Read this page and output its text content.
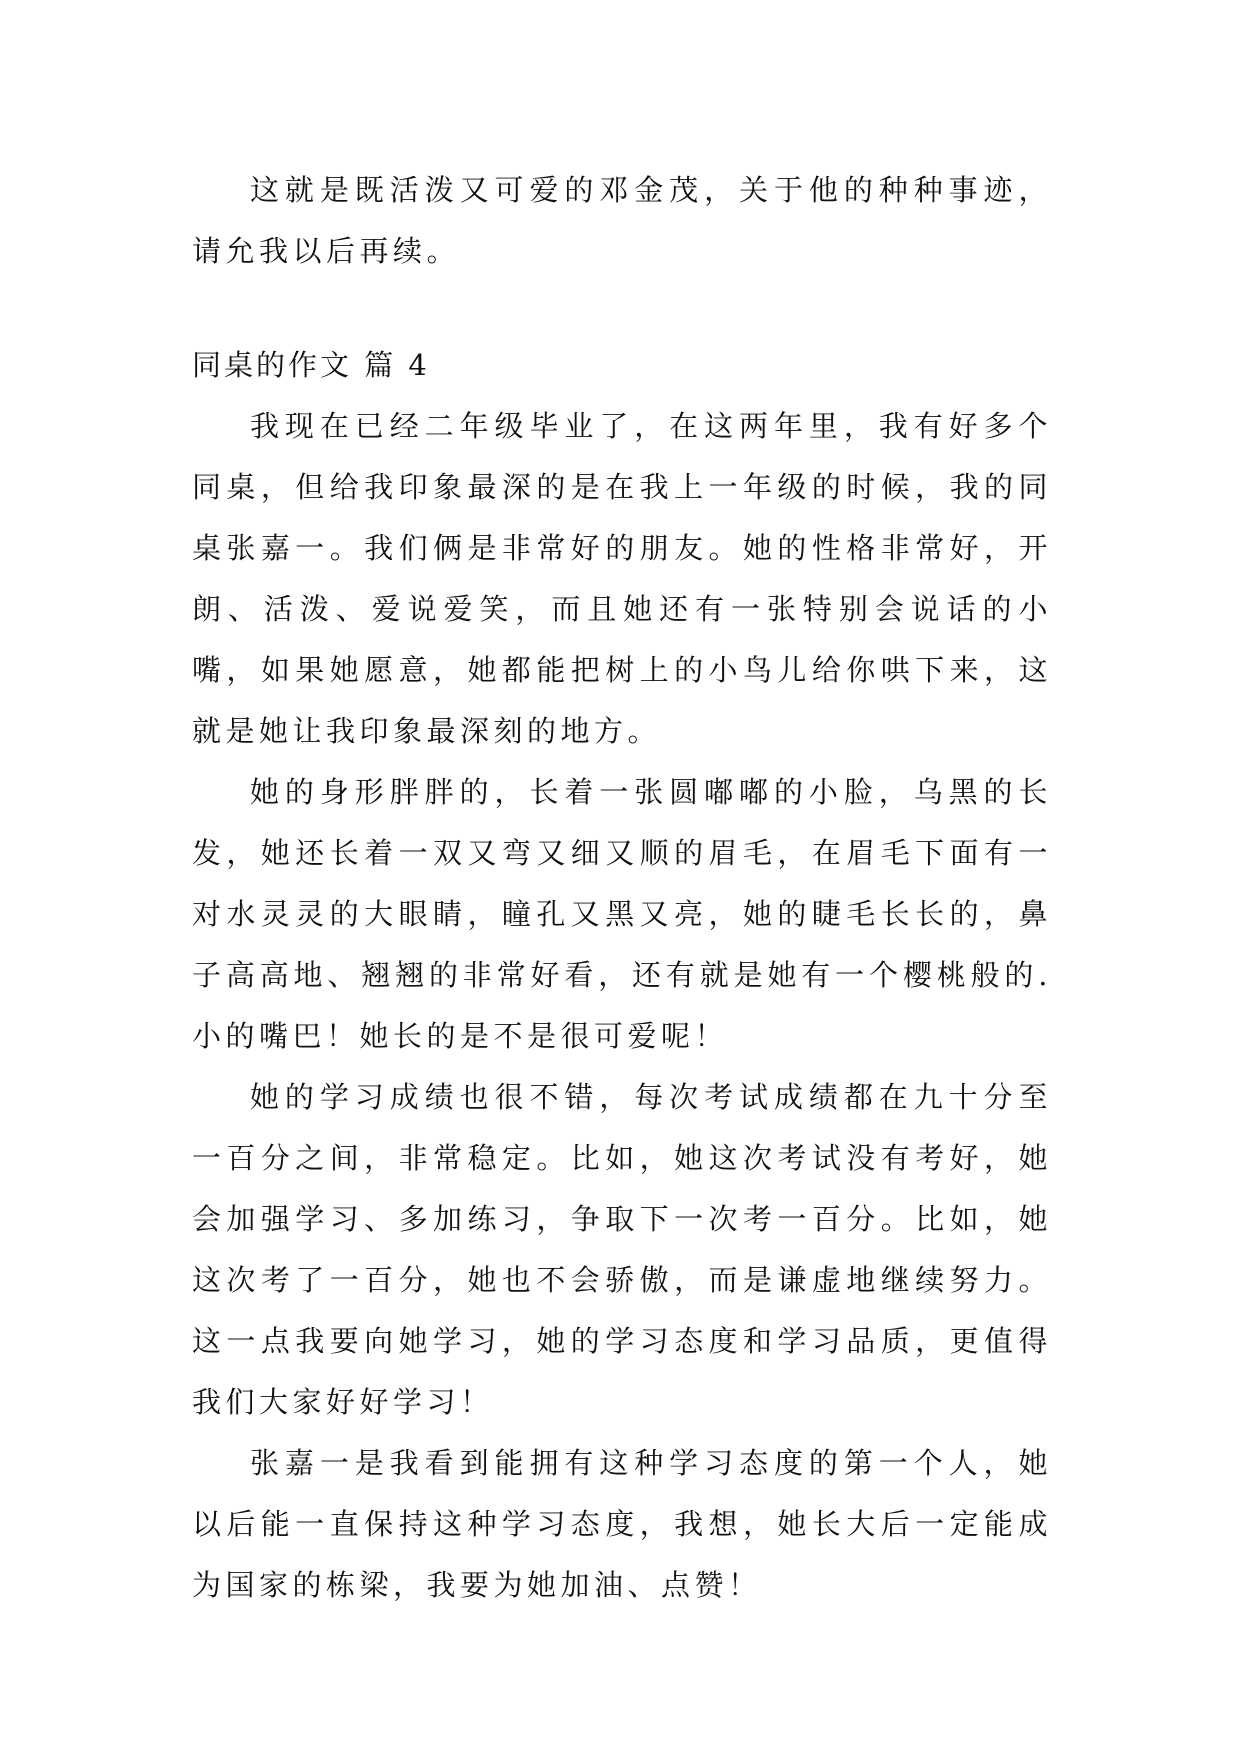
这就是既活泼又可爱的邓金茂，关于他的种种事迹，请允我以后再续。

同桌的作文 篇 4

我现在已经二年级毕业了，在这两年里，我有好多个同桌，但给我印象最深的是在我上一年级的时候，我的同桌张嘉一。我们俩是非常好的朋友。她的性格非常好，开朗、活泼、爱说爱笑，而且她还有一张特别会说话的小嘴，如果她愿意，她都能把树上的小鸟儿给你哄下来，这就是她让我印象最深刻的地方。

她的身形胖胖的，长着一张圆嘟嘟的小脸，乌黑的长发，她还长着一双又弯又细又顺的眉毛，在眉毛下面有一对水灵灵的大眼睛，瞳孔又黑又亮，她的睫毛长长的，鼻子高高地、翘翘的非常好看，还有就是她有一个樱桃般的.小的嘴巴！她长的是不是很可爱呢！

她的学习成绩也很不错，每次考试成绩都在九十分至一百分之间，非常稳定。比如，她这次考试没有考好，她会加强学习、多加练习，争取下一次考一百分。比如，她这次考了一百分，她也不会骄傲，而是谦虚地继续努力。这一点我要向她学习，她的学习态度和学习品质，更值得我们大家好好学习！

张嘉一是我看到能拥有这种学习态度的第一个人，她以后能一直保持这种学习态度，我想，她长大后一定能成为国家的栋梁，我要为她加油、点赞！
